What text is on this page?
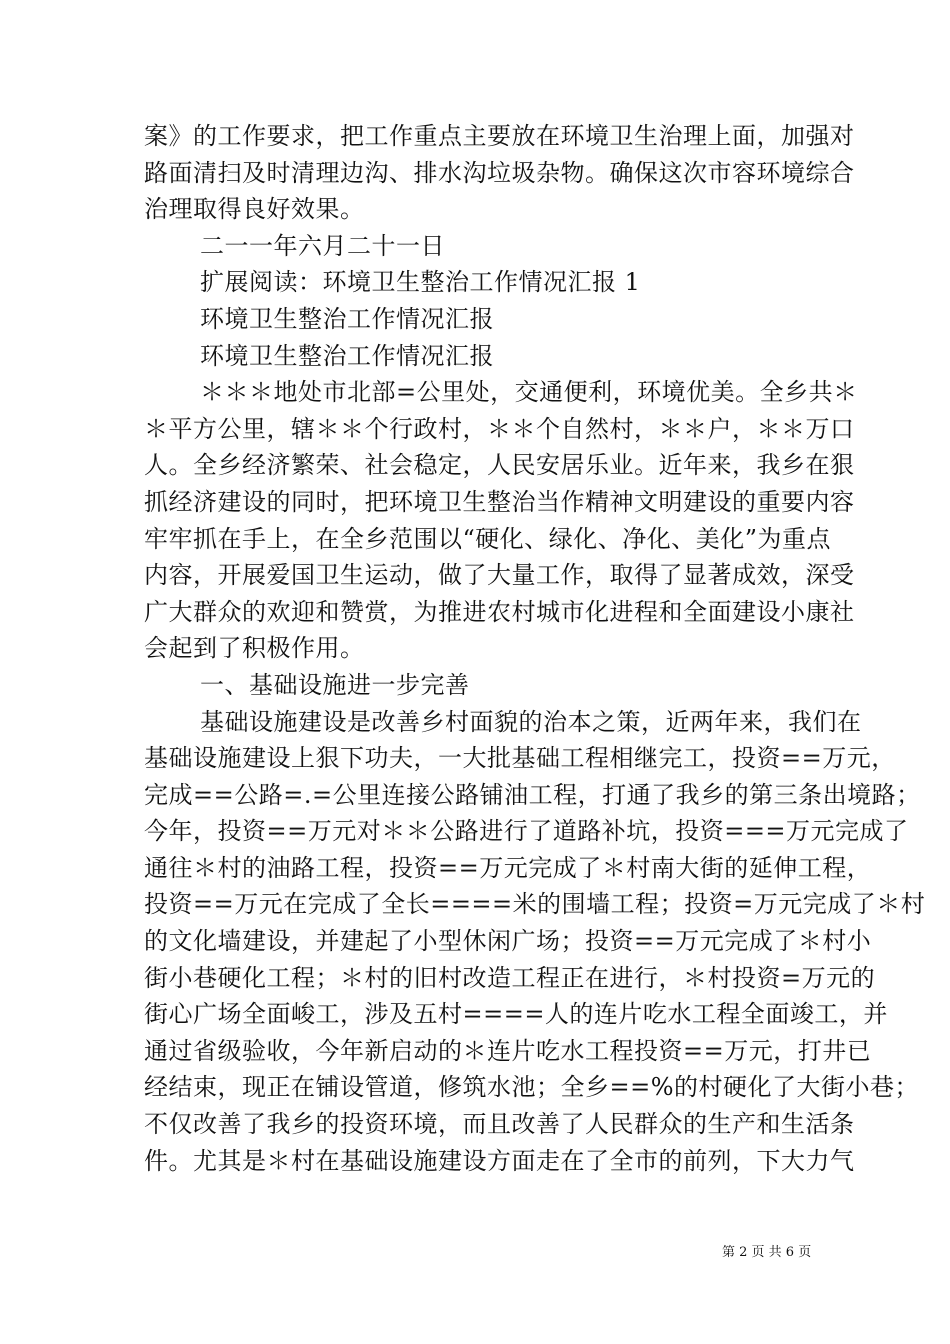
案》的工作要求，把工作重点主要放在环境卫生治理上面，加强对
路面清扫及时清理边沟、排水沟垃圾杂物。确保这次市容环境综合
治理取得良好效果。
二一一年六月二十一日
扩展阅读：环境卫生整治工作情况汇报 1
环境卫生整治工作情况汇报
环境卫生整治工作情况汇报
＊＊＊地处市北部=公里处，交通便利，环境优美。全乡共＊
＊平方公里，辖＊＊个行政村，＊＊个自然村，＊＊户，＊＊万口
人。全乡经济繁荣、社会稳定，人民安居乐业。近年来，我乡在狠
抓经济建设的同时，把环境卫生整治当作精神文明建设的重要内容
牢牢抓在手上，在全乡范围以“硬化、绿化、净化、美化”为重点
内容，开展爱国卫生运动，做了大量工作，取得了显著成效，深受
广大群众的欢迎和赞赏，为推进农村城市化进程和全面建设小康社
会起到了积极作用。
一、基础设施进一步完善
基础设施建设是改善乡村面貌的治本之策，近两年来，我们在
基础设施建设上狠下功夫，一大批基础工程相继完工，投资==万元，
完成==公路=.=公里连接公路铺油工程，打通了我乡的第三条出境路；
今年，投资==万元对＊＊公路进行了道路补坑，投资===万元完成了
通往＊村的油路工程，投资==万元完成了＊村南大街的延伸工程，
投资==万元在完成了全长====米的围墙工程；投资=万元完成了＊村
的文化墙建设，并建起了小型休闲广场；投资==万元完成了＊村小
街小巷硬化工程；＊村的旧村改造工程正在进行，＊村投资=万元的
街心广场全面峻工，涉及五村====人的连片吃水工程全面竣工，并
通过省级验收，今年新启动的＊连片吃水工程投资==万元，打井已
经结束，现正在铺设管道，修筑水池；全乡==%的村硬化了大街小巷；
不仅改善了我乡的投资环境，而且改善了人民群众的生产和生活条
件。尤其是＊村在基础设施建设方面走在了全市的前列，下大力气
第 2 页 共 6 页
